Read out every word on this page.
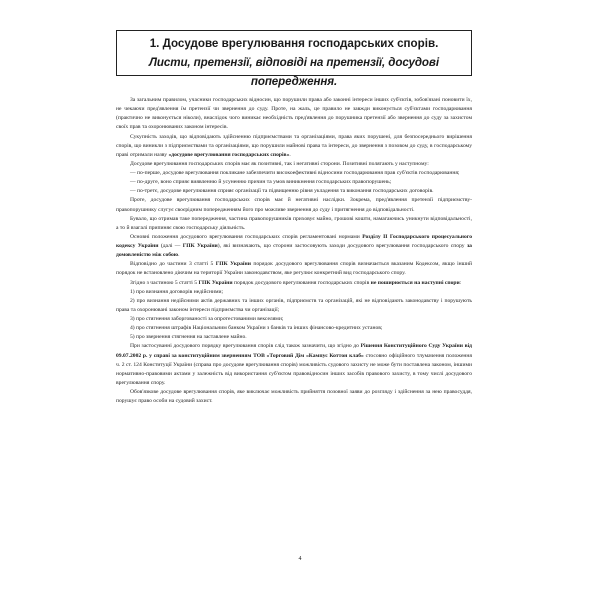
1. Досудове врегулювання господарських спорів.
Листи, претензії, відповіді на претензії, досудові попередження.

За загальним правилом, учасники господарських відносин, що порушили права або законні інтереси інших суб'єктів, зобов'язані поновити їх, не чекаючи пред'явлення їм претензії чи звернення до суду. Проте, на жаль, це правило не завжди виконується суб'єктами господарювання (практично не виконується ніколи), внаслідок чого виникає необхідність пред'явлення до порушника претензії або звернення до суду за захистом своїх прав та охоронюваних законом інтересів.

Сукупність заходів, що відповідають здійсненню підприємствами та організаціями, права яких порушені, для безпосереднього вирішення спорів, що виникли з підприємствами та організаціями, що порушили майнові права та інтереси, до звернення з позовом до суду, в господарському праві отримали назву «досудове врегулювання господарських спорів».

Досудове врегулювання господарських спорів має як позитивні, так і негативні сторони. Позитивні полягають у наступному:

— по-перше, досудове врегулювання покликане забезпечити високоефективні відносини господарювання прав суб'єктів господарювання;

— по-друге, воно сприяє виявленню й усуненню причин та умов виникнення господарських правопорушень;

— по-третє, досудове врегулювання сприяє організації та підвищенню рівня укладення та виконання господарських договорів.

Проте, досудове врегулювання господарських спорів має й негативні наслідки. Зокрема, пред'явлення претензії підприємству-правопорушнику слугує своєрідним попередженням його про можливе звернення до суду і притягнення до відповідальності.

Бувало, що отримав таке попередження, частина правопорушників приховує майно, грошові кошти, намагаючись уникнути відповідальності, а то й взагалі припиняє свою господарську діяльність.

Основні положення досудового врегулювання господарських спорів регламентовані нормами Розділу II Господарського процесуального кодексу України (далі — ГПК України), які визначають, що сторони застосовують заходи досудового врегулювання господарського спору за домовленістю між собою.

Відповідно до частини 3 статті 5 ГПК України порядок досудового врегулювання спорів визначається вказаним Кодексом, якщо інший порядок не встановлено діючим на території України законодавством, яке регулює конкретний вид господарського спору.

Згідно з частиною 5 статті 5 ГПК України порядок досудового врегулювання господарських спорів не поширюється на наступні спори:

1) про визнання договорів недійсними;

2) про визнання недійсними актів державних та інших органів, підприємств та організацій, які не відповідають законодавству і порушують права та охоронювані законом інтереси підприємства чи організації;

3) про стягнення заборгованості за опротестованими векселями;

4) про стягнення штрафів Національним банком України з банків та інших фінансово-кредитних установ;

5) про звернення стягнення на заставлене майно.

При застосуванні досудового порядку врегулювання спорів слід також зазначити, що згідно до Рішення Конституційного Суду України від 09.07.2002 р. у справі за конституційним зверненням ТОВ «Торговий Дім «Кампус Коттон клаб» стосовно офіційного тлумачення положення ч. 2 ст. 124 Конституції України (справа про досудове врегулювання спорів) можливість судового захисту не може бути поставлена законом, іншими нормативно-правовими актами у залежність від використання суб'єктом правовідносин інших засобів правового захисту, в тому числі досудового врегулювання спору.

Обов'язкове досудове врегулювання спорів, яке виключає можливість прийняття позовної заяви до розгляду і здійснення за нею правосуддя, порушує право особи на судовий захист.

4
